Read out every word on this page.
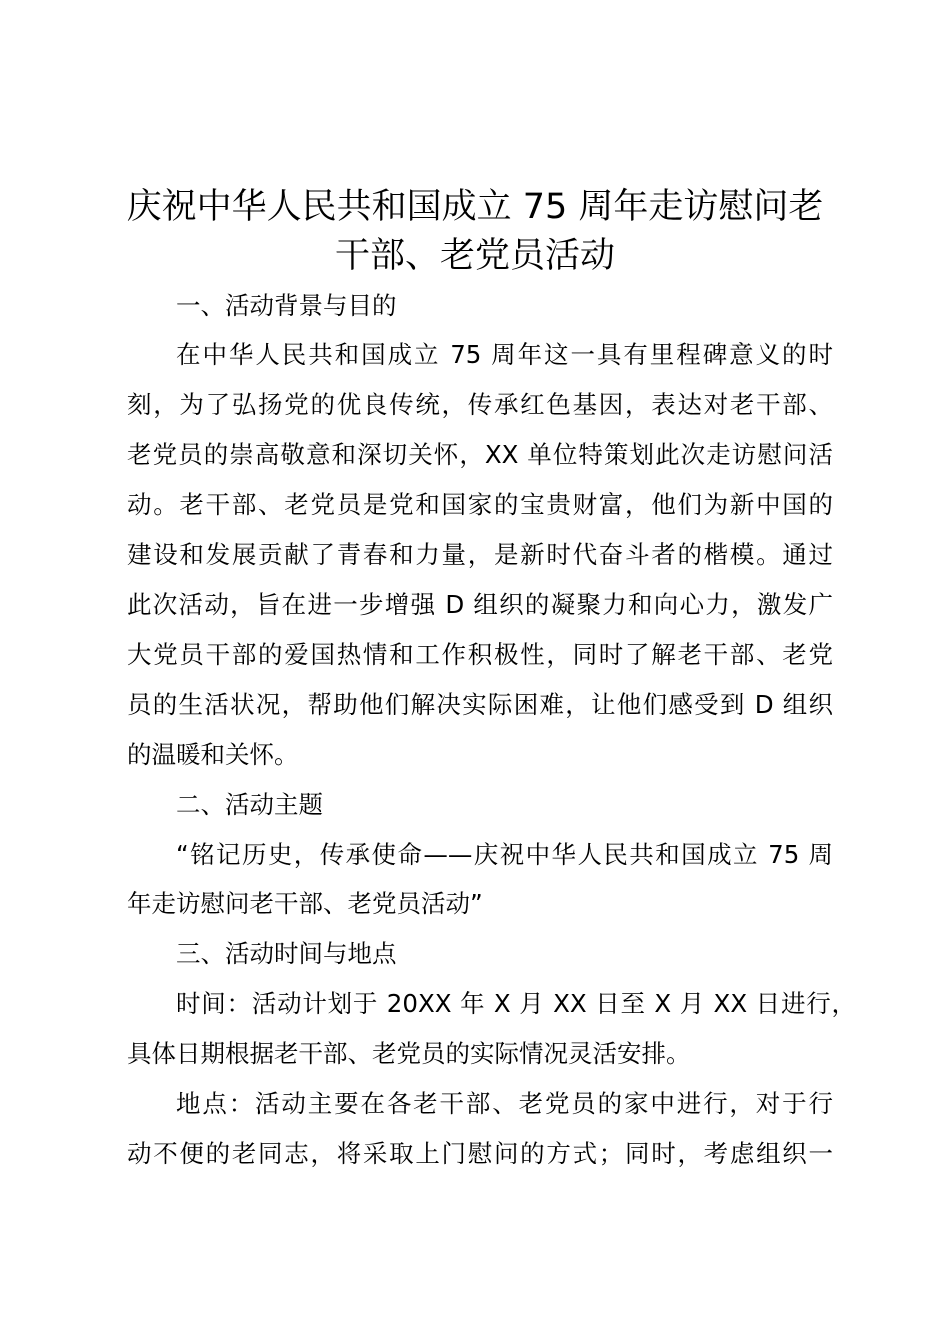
庆祝中华人民共和国成立 75 周年走访慰问老
干部、老党员活动

一、活动背景与目的

在中华人民共和国成立 75 周年这一具有里程碑意义的时

刻，为了弘扬党的优良传统，传承红色基因，表达对老干部、

老党员的崇高敬意和深切关怀，XX 单位特策划此次走访慰问活

动。老干部、老党员是党和国家的宝贵财富，他们为新中国的

建设和发展贡献了青春和力量，是新时代奋斗者的楷模。通过

此次活动，旨在进一步增强 D 组织的凝聚力和向心力，激发广

大党员干部的爱国热情和工作积极性，同时了解老干部、老党

员的生活状况，帮助他们解决实际困难，让他们感受到 D 组织

的温暖和关怀。

二、活动主题

“铭记历史，传承使命——庆祝中华人民共和国成立 75 周

年走访慰问老干部、老党员活动”

三、活动时间与地点

时间：活动计划于 20XX 年 X 月 XX 日至 X 月 XX 日进行，

具体日期根据老干部、老党员的实际情况灵活安排。

地点：活动主要在各老干部、老党员的家中进行，对于行

动不便的老同志，将采取上门慰问的方式；同时，考虑组织一
